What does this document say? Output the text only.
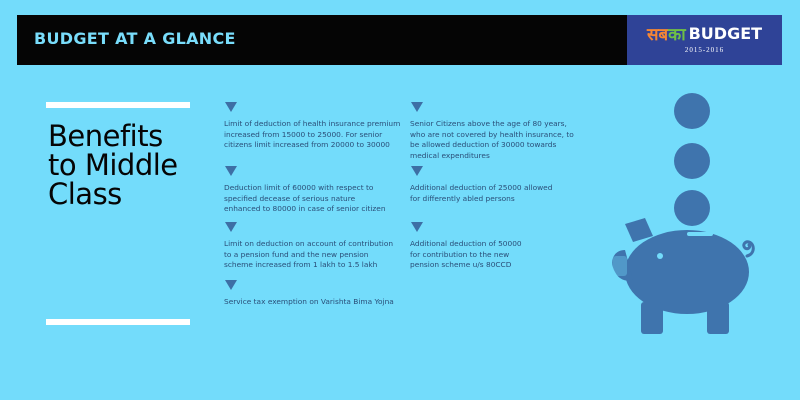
BUDGET AT A GLANCE	सबका BUDGET
2015-2016
Benefits
to Middle
Class
Limit of deduction of health insurance premium
increased from 15000 to 25000. For senior
citizens limit increased from 20000 to 30000
Senior Citizens above the age of 80 years,
who are not covered by health insurance, to
be allowed deduction of 30000 towards
medical expenditures
Deduction limit of 60000 with respect to
specified decease of serious nature
enhanced to 80000 in case of senior citizen
Additional deduction of 25000 allowed
for differently abled persons
Limit on deduction on account of contribution
to a pension fund and the new pension
scheme increased from 1 lakh to 1.5 lakh
Additional deduction of 50000
for contribution to the new
pension scheme u/s 80CCD
Service tax exemption on Varishta Bima Yojna
